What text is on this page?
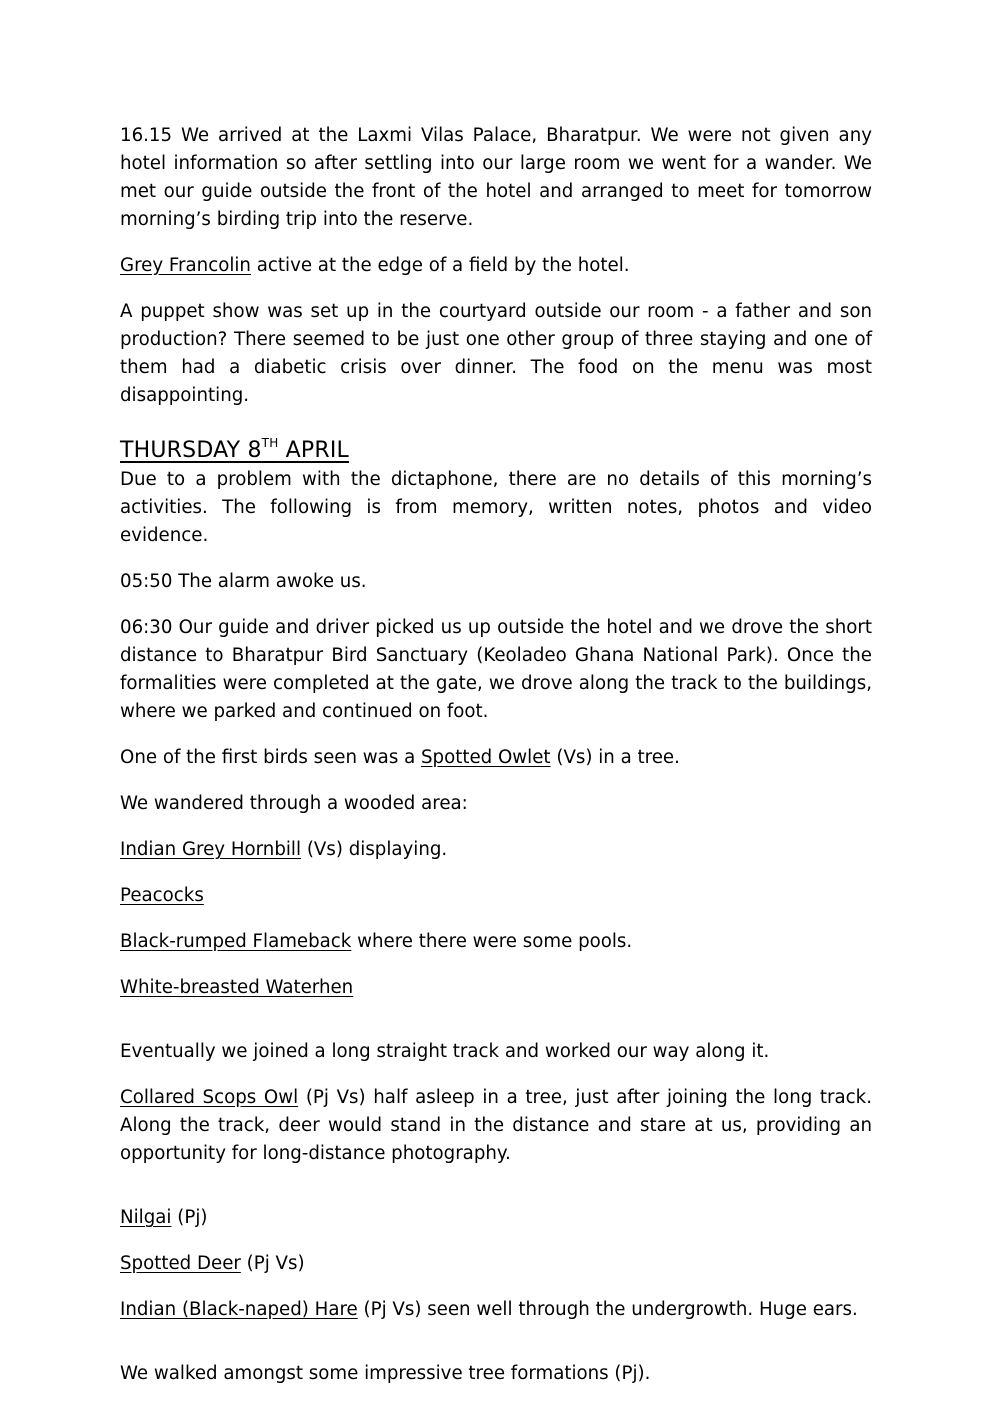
16.15 We arrived at the Laxmi Vilas Palace, Bharatpur. We were not given any hotel information so after settling into our large room we went for a wander. We met our guide outside the front of the hotel and arranged to meet for tomorrow morning’s birding trip into the reserve.

Grey Francolin active at the edge of a field by the hotel.

A puppet show was set up in the courtyard outside our room - a father and son production? There seemed to be just one other group of three staying and one of them had a diabetic crisis over dinner. The food on the menu was most disappointing.

THURSDAY 8TH APRIL

Due to a problem with the dictaphone, there are no details of this morning’s activities. The following is from memory, written notes, photos and video evidence.

05:50 The alarm awoke us.

06:30 Our guide and driver picked us up outside the hotel and we drove the short distance to Bharatpur Bird Sanctuary (Keoladeo Ghana National Park). Once the formalities were completed at the gate, we drove along the track to the buildings, where we parked and continued on foot.

One of the first birds seen was a Spotted Owlet (Vs) in a tree.

We wandered through a wooded area:

Indian Grey Hornbill (Vs) displaying.

Peacocks

Black-rumped Flameback where there were some pools.

White-breasted Waterhen

Eventually we joined a long straight track and worked our way along it.

Collared Scops Owl (Pj Vs) half asleep in a tree, just after joining the long track. Along the track, deer would stand in the distance and stare at us, providing an opportunity for long-distance photography.

Nilgai (Pj)

Spotted Deer (Pj Vs)

Indian (Black-naped) Hare (Pj Vs) seen well through the undergrowth. Huge ears.

We walked amongst some impressive tree formations (Pj).
